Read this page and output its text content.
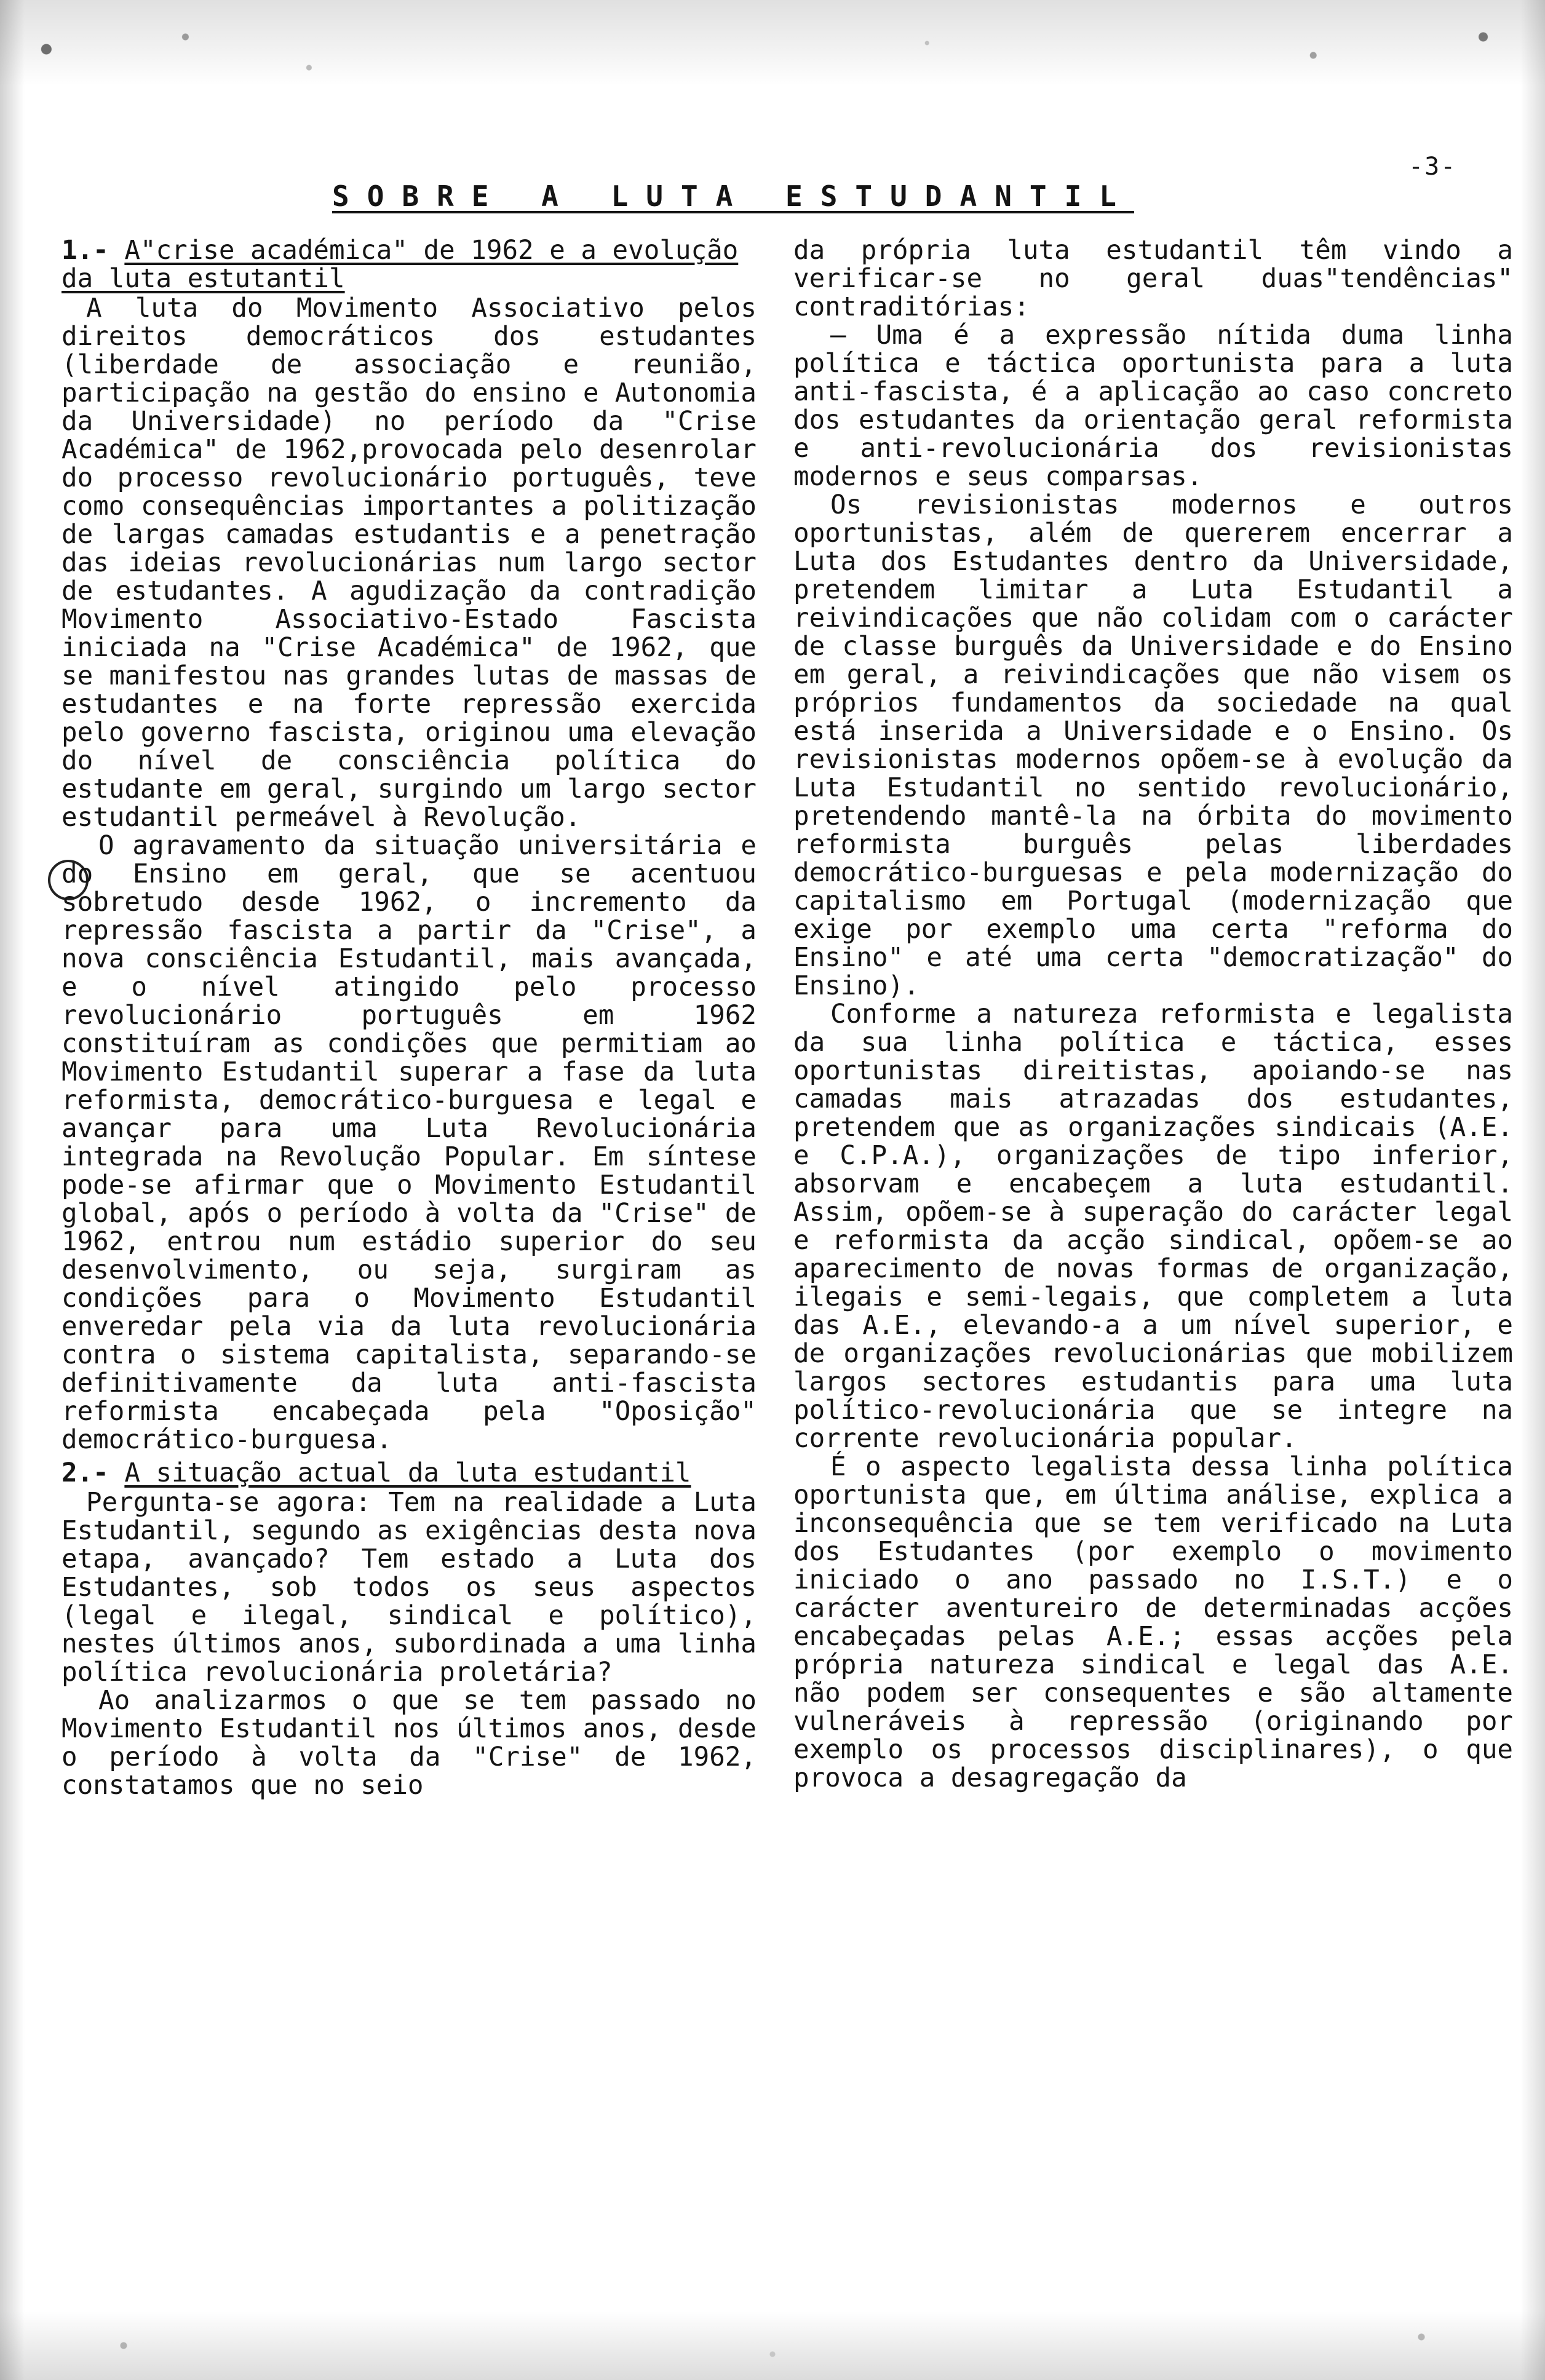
-3-
SOBRE A LUTA ESTUDANTIL

1.- A"crise académica" de 1962 e a evolução da luta estutantil

A luta do Movimento Associativo pelos direitos democráticos dos estudantes (liberdade de associação e reunião, participação na gestão do ensino e Autonomia da Universidade) no período da "Crise Académica" de 1962,provocada pelo desenrolar do processo revolucionário português, teve como consequências importantes a politização de largas camadas estudantis e a penetração das ideias revolucionárias num largo sector de estudantes. A agudização da contradição Movimento Associativo-Estado Fascista iniciada na "Crise Académica" de 1962, que se manifestou nas grandes lutas de massas de estudantes e na forte repressão exercida pelo governo fascista, originou uma elevação do nível de consciência política do estudante em geral, surgindo um largo sector estudantil permeável à Revolução.

O agravamento da situação universitária e do Ensino em geral, que se acentuou sobretudo desde 1962, o incremento da repressão fascista a partir da "Crise", a nova consciência Estudantil, mais avançada, e o nível atingido pelo processo revolucionário português em 1962 constituíram as condições que permitiam ao Movimento Estudantil superar a fase da luta reformista, democrático-burguesa e legal e avançar para uma Luta Revolucionária integrada na Revolução Popular. Em síntese pode-se afirmar que o Movimento Estudantil global, após o período à volta da "Crise" de 1962, entrou num estádio superior do seu desenvolvimento, ou seja, surgiram as condições para o Movimento Estudantil enveredar pela via da luta revolucionária contra o sistema capitalista, separando-se definitivamente da luta anti-fascista reformista encabeçada pela "Oposição" democrático-burguesa.

2.- A situação actual da luta estudantil

Pergunta-se agora: Tem na realidade a Luta Estudantil, segundo as exigências desta nova etapa, avançado? Tem estado a Luta dos Estudantes, sob todos os seus aspectos (legal e ilegal, sindical e político), nestes últimos anos, subordinada a uma linha política revolucionária proletária?

Ao analizarmos o que se tem passado no Movimento Estudantil nos últimos anos, desde o período à volta da "Crise" de 1962, constatamos que no seio

da própria luta estudantil têm vindo a verificar-se no geral duas"tendências" contraditórias:

— Uma é a expressão nítida duma linha política e táctica oportunista para a luta anti-fascista, é a aplicação ao caso concreto dos estudantes da orientação geral reformista e anti-revolucionária dos revisionistas modernos e seus comparsas.

Os revisionistas modernos e outros oportunistas, além de quererem encerrar a Luta dos Estudantes dentro da Universidade, pretendem limitar a Luta Estudantil a reivindicações que não colidam com o carácter de classe burguês da Universidade e do Ensino em geral, a reivindicações que não visem os próprios fundamentos da sociedade na qual está inserida a Universidade e o Ensino. Os revisionistas modernos opõem-se à evolução da Luta Estudantil no sentido revolucionário, pretendendo mantê-la na órbita do movimento reformista burguês pelas liberdades democrático-burguesas e pela modernização do capitalismo em Portugal (modernização que exige por exemplo uma certa "reforma do Ensino" e até uma certa "democratização" do Ensino).

Conforme a natureza reformista e legalista da sua linha política e táctica, esses oportunistas direitistas, apoiando-se nas camadas mais atrazadas dos estudantes, pretendem que as organizações sindicais (A.E. e C.P.A.), organizações de tipo inferior, absorvam e encabeçem a luta estudantil. Assim, opõem-se à superação do carácter legal e reformista da acção sindical, opõem-se ao aparecimento de novas formas de organização, ilegais e semi-legais, que completem a luta das A.E., elevando-a a um nível superior, e de organizações revolucionárias que mobilizem largos sectores estudantis para uma luta político-revolucionária que se integre na corrente revolucionária popular.

É o aspecto legalista dessa linha política oportunista que, em última análise, explica a inconsequência que se tem verificado na Luta dos Estudantes (por exemplo o movimento iniciado o ano passado no I.S.T.) e o carácter aventureiro de determinadas acções encabeçadas pelas A.E.; essas acções pela própria natureza sindical e legal das A.E. não podem ser consequentes e são altamente vulneráveis à repressão (originando por exemplo os processos disciplinares), o que provoca a desagregação da
